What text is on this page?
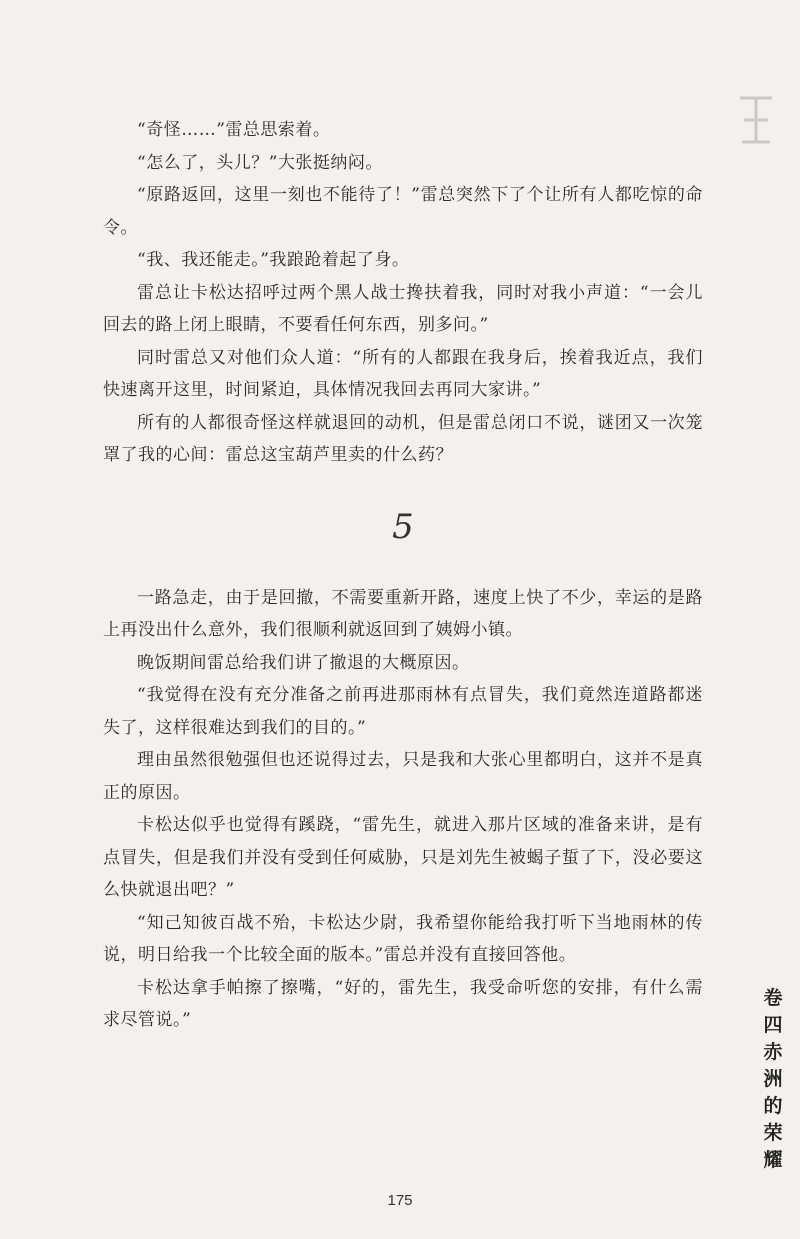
“奇怪……”雷总思索着。

“怎么了，头儿？”大张挺纳闷。

“原路返回，这里一刻也不能待了！”雷总突然下了个让所有人都吃惊的命令。

“我、我还能走。”我踉跄着起了身。

雷总让卡松达招呼过两个黑人战士搀扶着我，同时对我小声道：“一会儿回去的路上闭上眼睛，不要看任何东西，别多问。”

同时雷总又对他们众人道：“所有的人都跟在我身后，挨着我近点，我们快速离开这里，时间紧迫，具体情况我回去再同大家讲。”

所有的人都很奇怪这样就退回的动机，但是雷总闭口不说，谜团又一次笼罩了我的心间：雷总这宝葫芦里卖的什么药？

5

一路急走，由于是回撤，不需要重新开路，速度上快了不少，幸运的是路上再没出什么意外，我们很顺利就返回到了姨姆小镇。

晚饭期间雷总给我们讲了撤退的大概原因。

“我觉得在没有充分准备之前再进那雨林有点冒失，我们竟然连道路都迷失了，这样很难达到我们的目的。”

理由虽然很勉强但也还说得过去，只是我和大张心里都明白，这并不是真正的原因。

卡松达似乎也觉得有蹊跷，“雷先生，就进入那片区域的准备来讲，是有点冒失，但是我们并没有受到任何威胁，只是刘先生被蝎子蜇了下，没必要这么快就退出吧？”

“知己知彼百战不殆，卡松达少尉，我希望你能给我打听下当地雨林的传说，明日给我一个比较全面的版本。”雷总并没有直接回答他。

卡松达拿手帕擦了擦嘴，“好的，雷先生，我受命听您的安排，有什么需求尽管说。”

卷
四
赤
洲
的
荣
耀
175
